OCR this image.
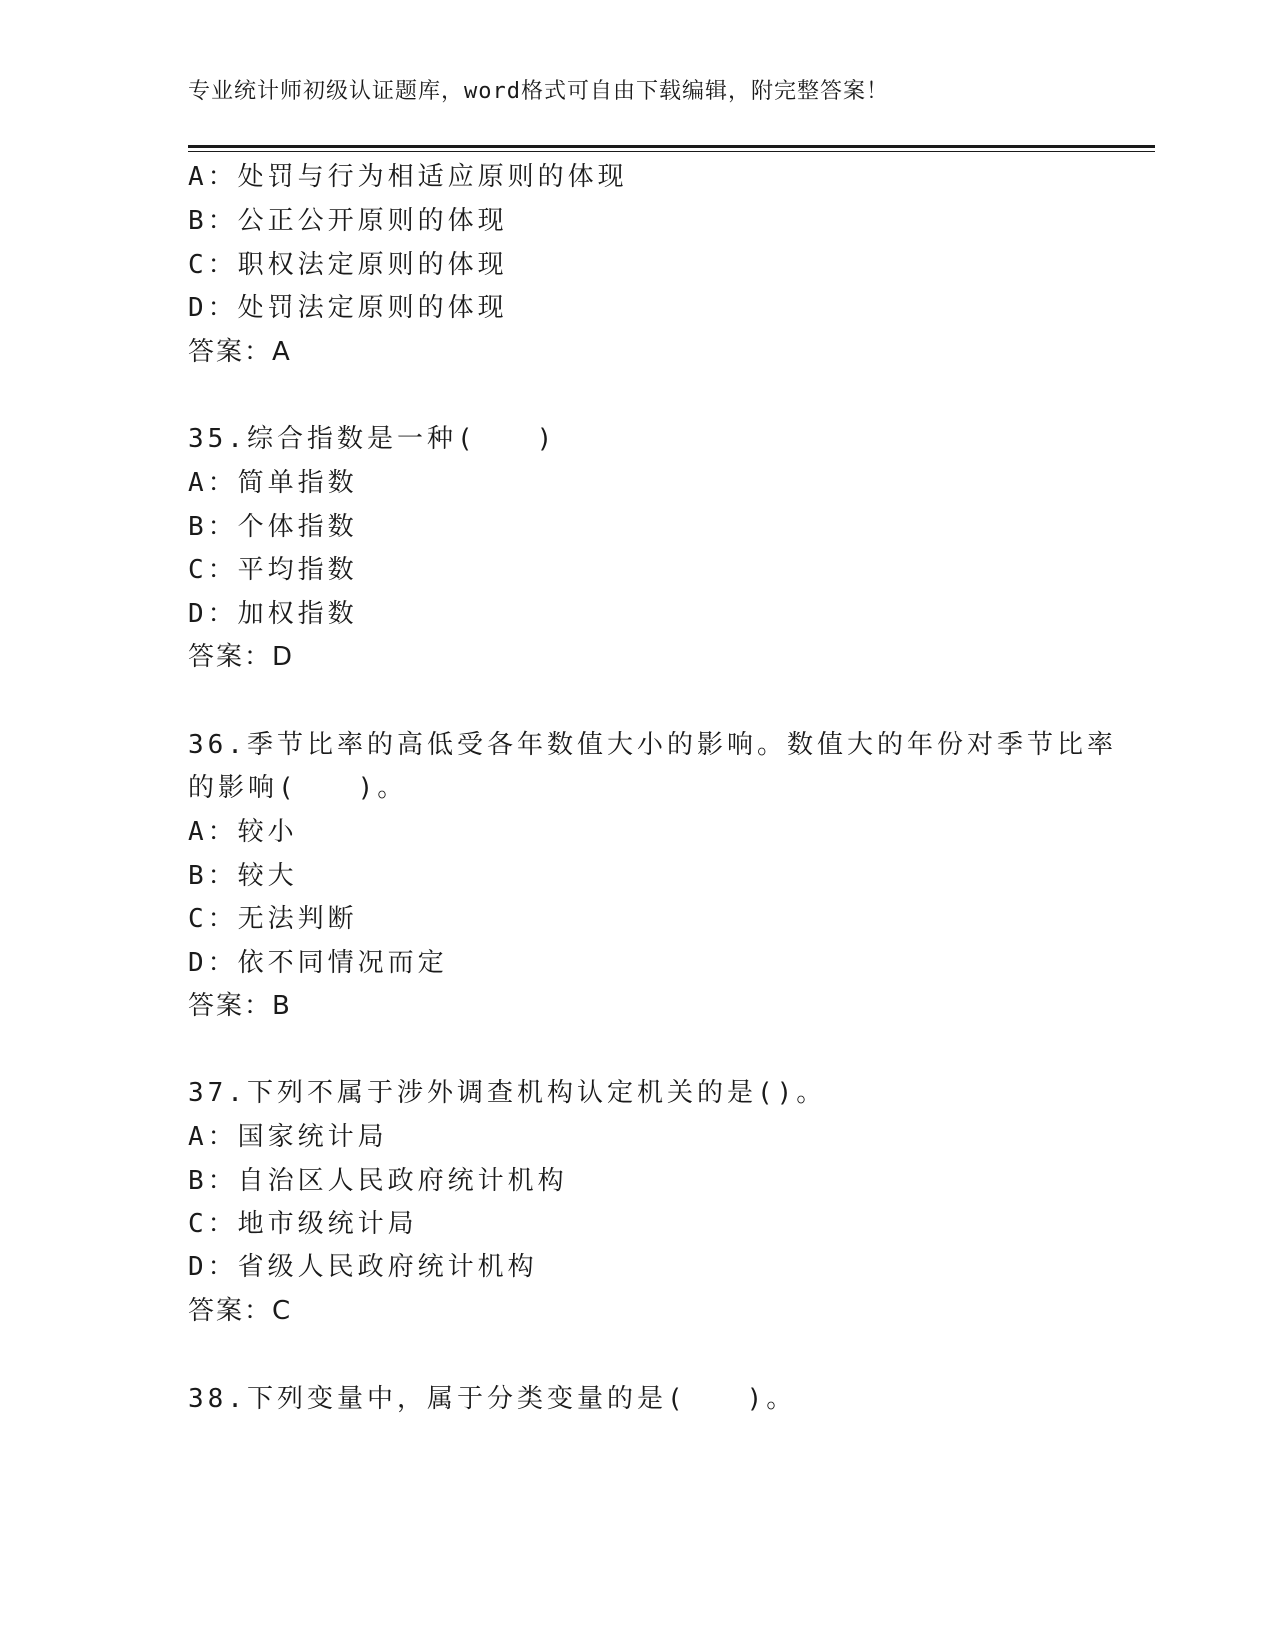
专业统计师初级认证题库，word格式可自由下载编辑，附完整答案！
A：处罚与行为相适应原则的体现
B：公正公开原则的体现
C：职权法定原则的体现
D：处罚法定原则的体现
答案：A
35.综合指数是一种(　　)
A：简单指数
B：个体指数
C：平均指数
D：加权指数
答案：D
36.季节比率的高低受各年数值大小的影响。数值大的年份对季节比率
的影响(　　)。
A：较小
B：较大
C：无法判断
D：依不同情况而定
答案：B
37.下列不属于涉外调查机构认定机关的是()。
A：国家统计局
B：自治区人民政府统计机构
C：地市级统计局
D：省级人民政府统计机构
答案：C
38.下列变量中，属于分类变量的是(　　)。
